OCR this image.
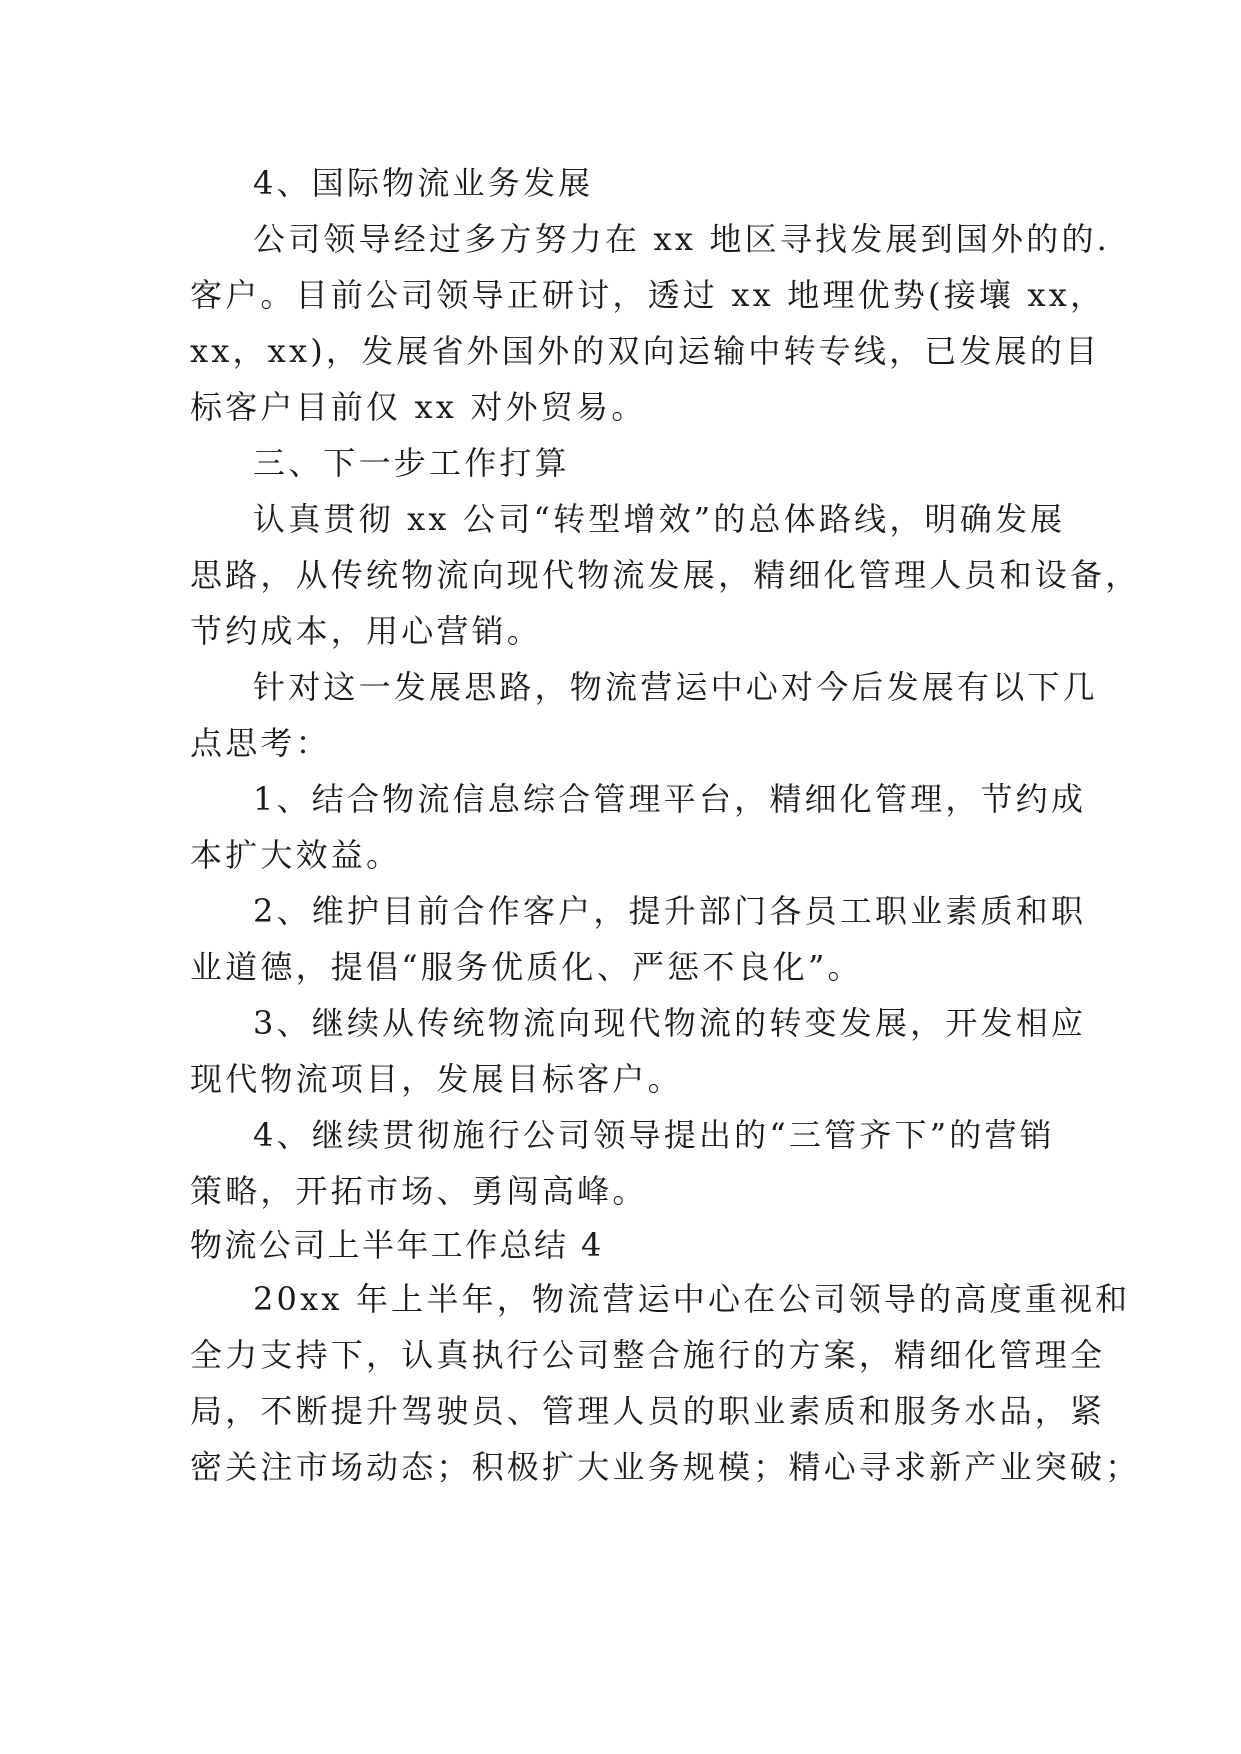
4、国际物流业务发展
公司领导经过多方努力在 xx 地区寻找发展到国外的的.
客户。目前公司领导正研讨，透过 xx 地理优势(接壤 xx，
xx，xx)，发展省外国外的双向运输中转专线，已发展的目
标客户目前仅 xx 对外贸易。
三、下一步工作打算
认真贯彻 xx 公司“转型增效”的总体路线，明确发展
思路，从传统物流向现代物流发展，精细化管理人员和设备，
节约成本，用心营销。
针对这一发展思路，物流营运中心对今后发展有以下几
点思考：
1、结合物流信息综合管理平台，精细化管理，节约成
本扩大效益。
2、维护目前合作客户，提升部门各员工职业素质和职
业道德，提倡“服务优质化、严惩不良化”。
3、继续从传统物流向现代物流的转变发展，开发相应
现代物流项目，发展目标客户。
4、继续贯彻施行公司领导提出的“三管齐下”的营销
策略，开拓市场、勇闯高峰。
物流公司上半年工作总结 4
20xx 年上半年，物流营运中心在公司领导的高度重视和
全力支持下，认真执行公司整合施行的方案，精细化管理全
局，不断提升驾驶员、管理人员的职业素质和服务水品，紧
密关注市场动态；积极扩大业务规模；精心寻求新产业突破；
